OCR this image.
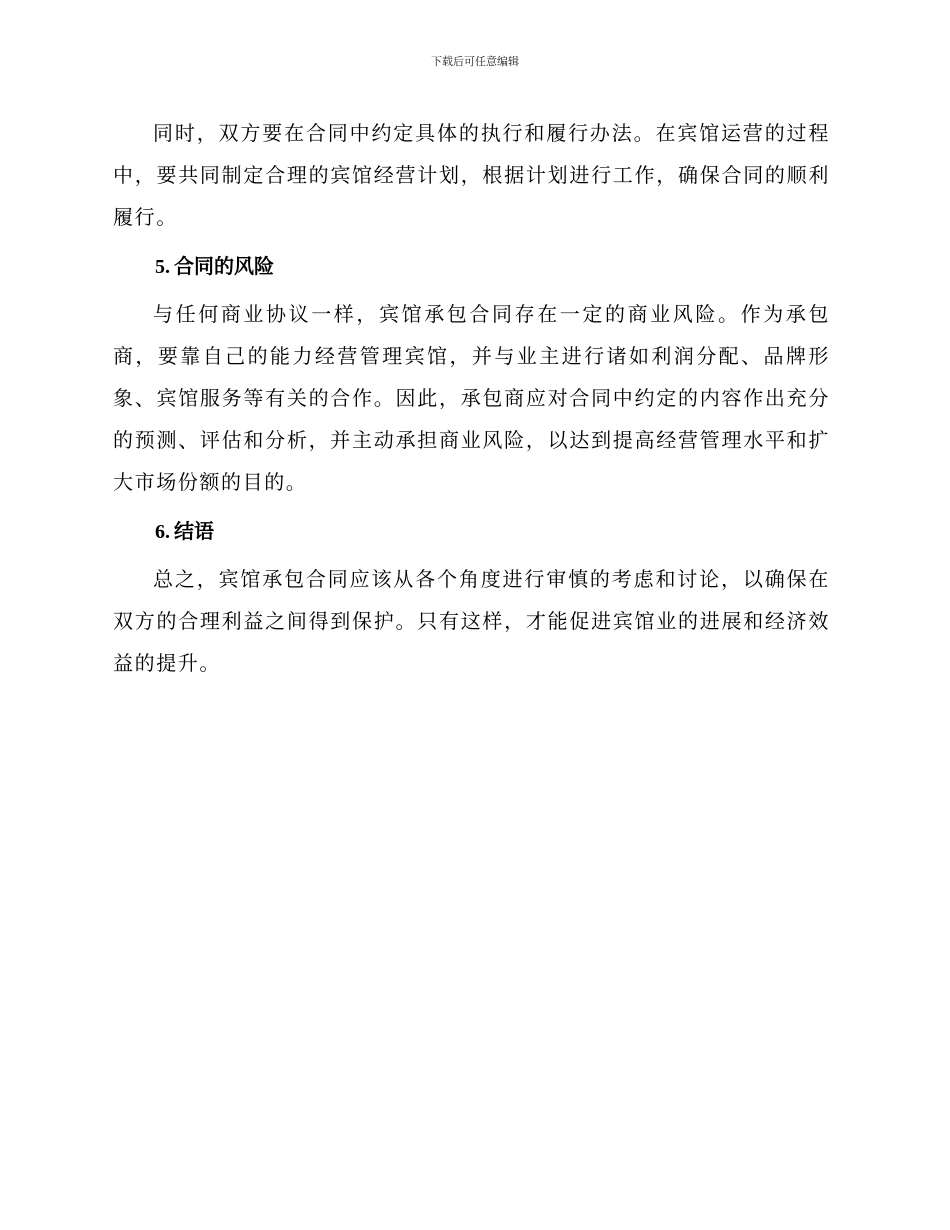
下载后可任意编辑

同时，双方要在合同中约定具体的执行和履行办法。在宾馆运营的过程中，要共同制定合理的宾馆经营计划，根据计划进行工作，确保合同的顺利履行。

5. 合同的风险

与任何商业协议一样，宾馆承包合同存在一定的商业风险。作为承包商，要靠自己的能力经营管理宾馆，并与业主进行诸如利润分配、品牌形象、宾馆服务等有关的合作。因此，承包商应对合同中约定的内容作出充分的预测、评估和分析，并主动承担商业风险，以达到提高经营管理水平和扩大市场份额的目的。

6. 结语

总之，宾馆承包合同应该从各个角度进行审慎的考虑和讨论，以确保在双方的合理利益之间得到保护。只有这样，才能促进宾馆业的进展和经济效益的提升。
